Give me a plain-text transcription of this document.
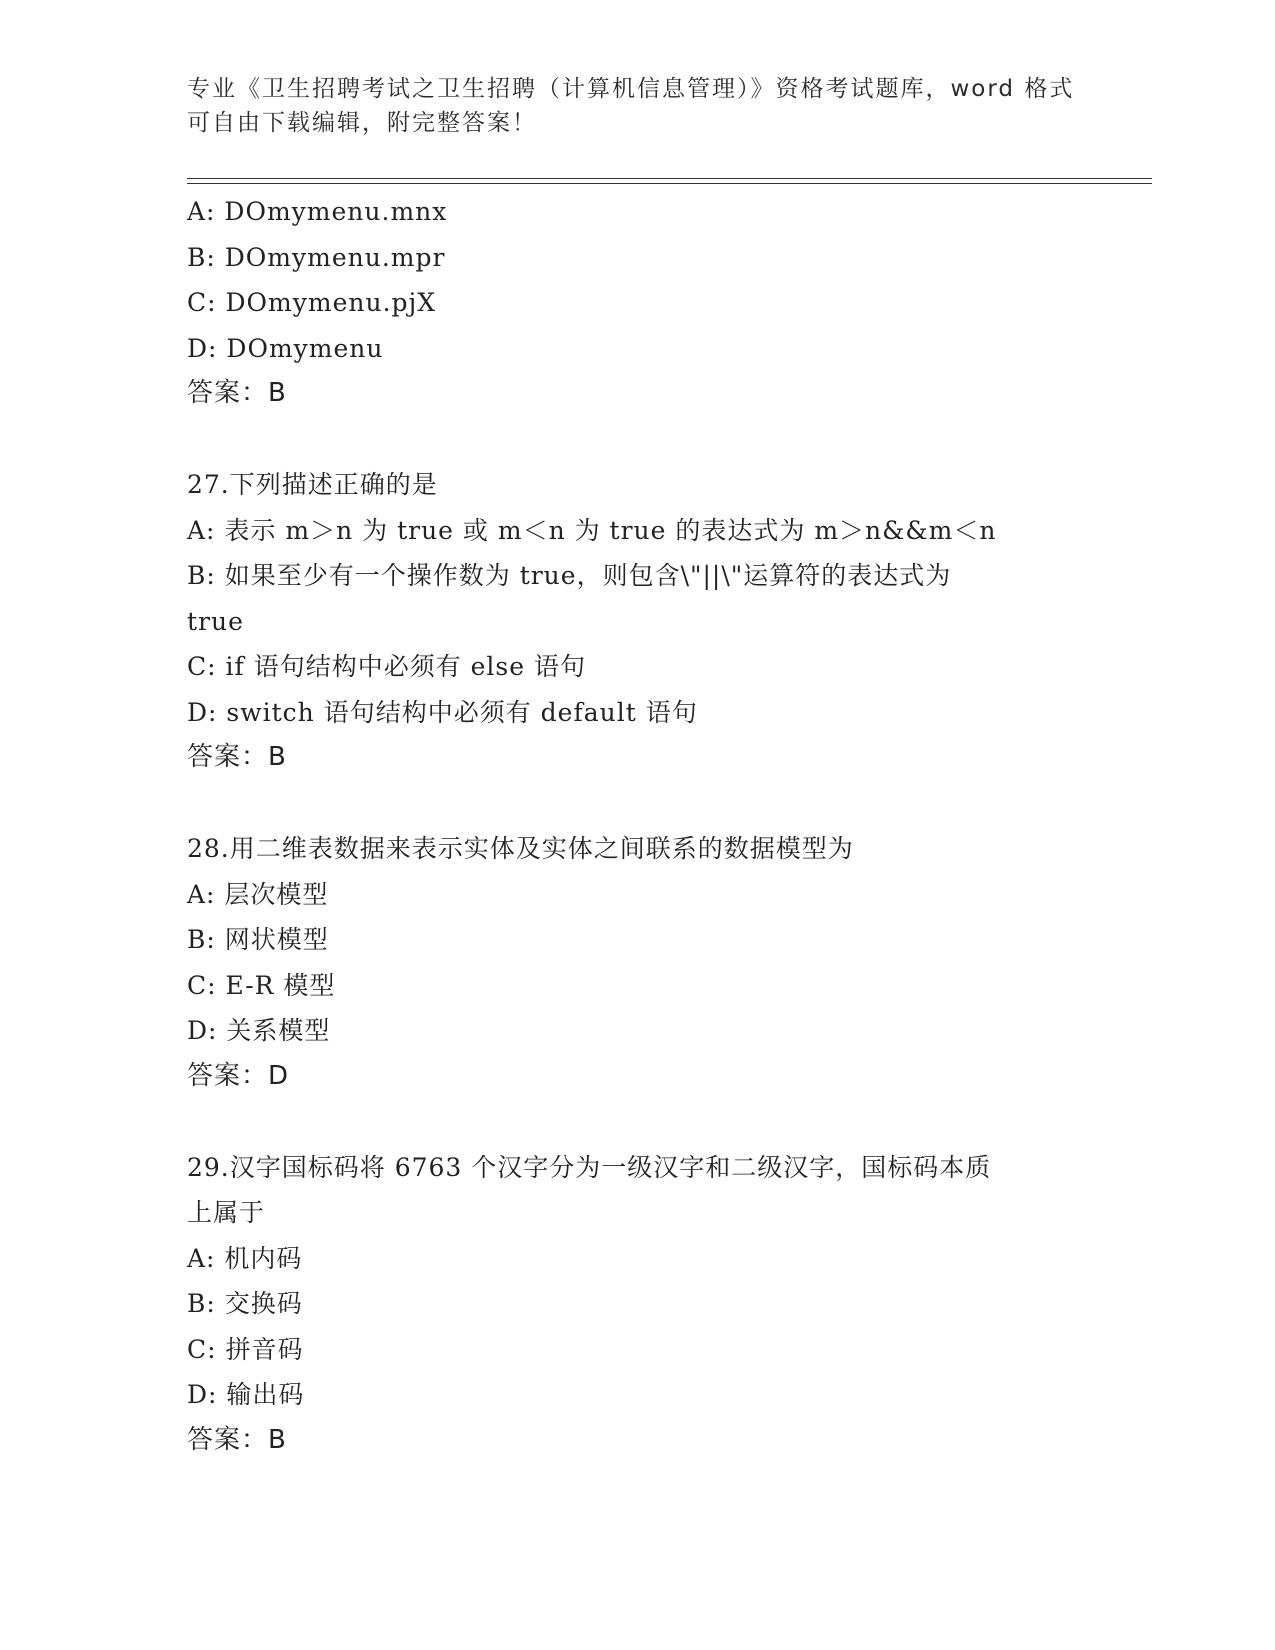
专业《卫生招聘考试之卫生招聘（计算机信息管理）》资格考试题库，word 格式
可自由下载编辑，附完整答案！
A: DOmymenu.mnx
B: DOmymenu.mpr
C: DOmymenu.pjX
D: DOmymenu
答案：B
27.下列描述正确的是
A: 表示 m＞n 为 true 或 m＜n 为 true 的表达式为 m＞n&&m＜n
B: 如果至少有一个操作数为 true，则包含\"||\"运算符的表达式为
true
C: if 语句结构中必须有 else 语句
D: switch 语句结构中必须有 default 语句
答案：B
28.用二维表数据来表示实体及实体之间联系的数据模型为
A: 层次模型
B: 网状模型
C: E-R 模型
D: 关系模型
答案：D
29.汉字国标码将 6763 个汉字分为一级汉字和二级汉字，国标码本质
上属于
A: 机内码
B: 交换码
C: 拼音码
D: 输出码
答案：B
